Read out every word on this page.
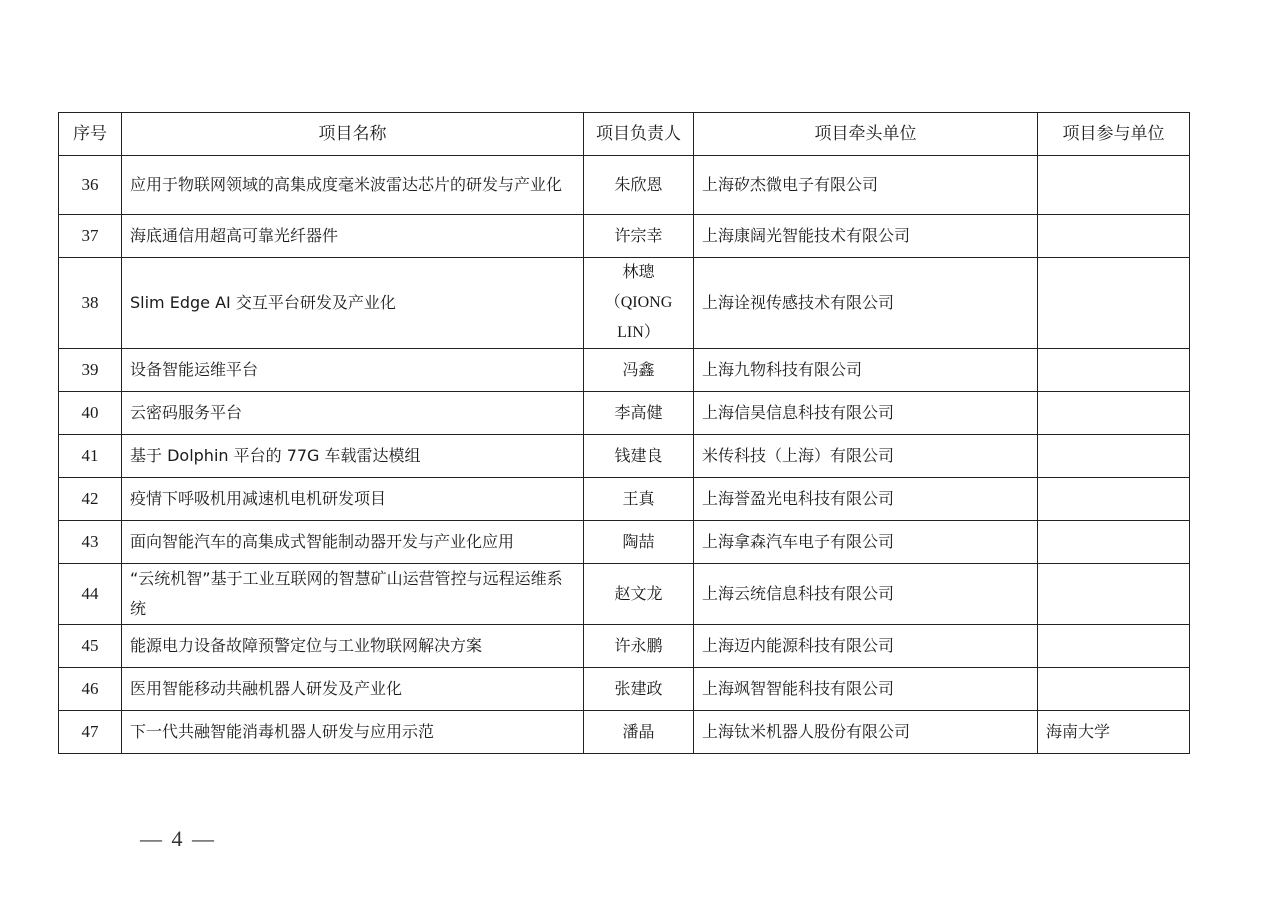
序号	项目名称	项目负责人	项目牵头单位	项目参与单位
36	应用于物联网领域的高集成度毫米波雷达芯片的研发与产业化	朱欣恩	上海矽杰微电子有限公司	
37	海底通信用超高可靠光纤器件	许宗幸	上海康阔光智能技术有限公司	
38	Slim Edge AI 交互平台研发及产业化	林璁（QIONG LIN）	上海诠视传感技术有限公司	
39	设备智能运维平台	冯鑫	上海九物科技有限公司	
40	云密码服务平台	李高健	上海信昊信息科技有限公司	
41	基于 Dolphin 平台的 77G 车载雷达模组	钱建良	米传科技（上海）有限公司	
42	疫情下呼吸机用减速机电机研发项目	王真	上海誉盈光电科技有限公司	
43	面向智能汽车的高集成式智能制动器开发与产业化应用	陶喆	上海拿森汽车电子有限公司	
44	“云统机智”基于工业互联网的智慧矿山运营管控与远程运维系统	赵文龙	上海云统信息科技有限公司	
45	能源电力设备故障预警定位与工业物联网解决方案	许永鹏	上海迈内能源科技有限公司	
46	医用智能移动共融机器人研发及产业化	张建政	上海飒智智能科技有限公司	
47	下一代共融智能消毒机器人研发与应用示范	潘晶	上海钛米机器人股份有限公司	海南大学
— 4 —
